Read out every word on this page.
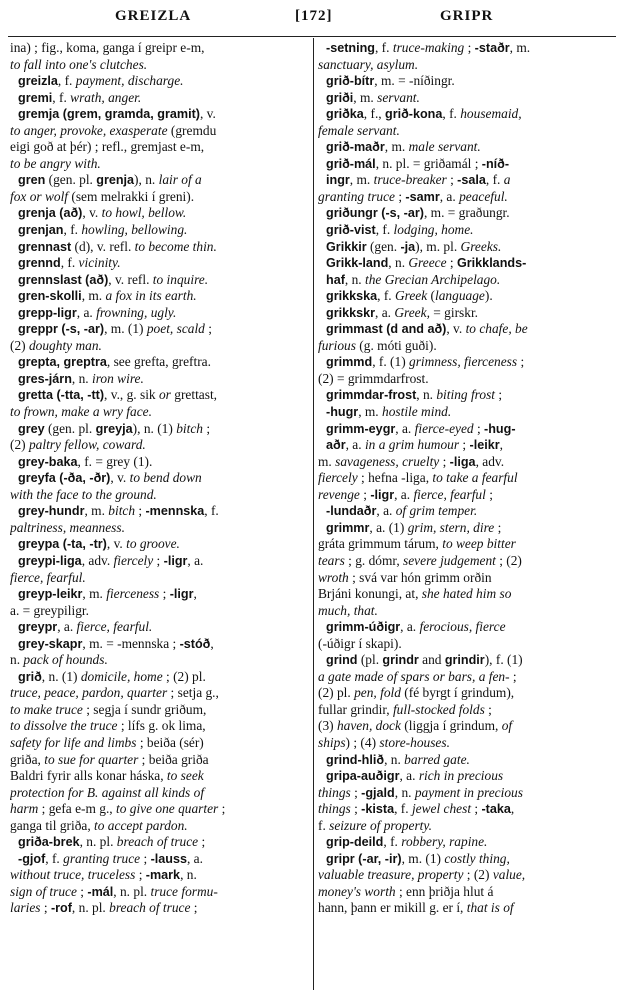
GREIZLA	[172]	GRIPR
ina) ; fig., koma, ganga í greipr e-m,
to fall into one's clutches.
greizla, f. payment, discharge.
gremi, f. wrath, anger.
gremja (grem, gramda, gramit), v.
to anger, provoke, exasperate (gremdu
eigi goð at þér) ; refl., gremjast e-m,
to be angry with.
gren (gen. pl. grenja), n. lair of a
fox or wolf (sem melrakki í greni).
grenja (að), v. to howl, bellow.
grenjan, f. howling, bellowing.
grennast (d), v. refl. to become thin.
grennd, f. vicinity.
grennslast (að), v. refl. to inquire.
gren-skolli, m. a fox in its earth.
grepp-ligr, a. frowning, ugly.
greppr (-s, -ar), m. (1) poet, scald ;
(2) doughty man.
grepta, greptra, see grefta, greftra.
gres-járn, n. iron wire.
gretta (-tta, -tt), v., g. sik or grettast,
to frown, make a wry face.
grey (gen. pl. greyja), n. (1) bitch ;
(2) paltry fellow, coward.
grey-baka, f. = grey (1).
greyfa (-ða, -ðr), v. to bend down
with the face to the ground.
grey-hundr, m. bitch ; -mennska, f.
paltriness, meanness.
greypa (-ta, -tr), v. to groove.
greypi-liga, adv. fiercely ; -ligr, a.
fierce, fearful.
greyp-leikr, m. fierceness ; -ligr,
a. = greypiligr.
greypr, a. fierce, fearful.
grey-skapr, m. = -mennska ; -stóð,
n. pack of hounds.
grið, n. (1) domicile, home ; (2) pl.
truce, peace, pardon, quarter ; setja g.,
to make truce ; segja í sundr griðum,
to dissolve the truce ; lífs g. ok lima,
safety for life and limbs ; beiða (sér)
griða, to sue for quarter ; beiða griða
Baldri fyrir alls konar háska, to seek
protection for B. against all kinds of
harm ; gefa e-m g., to give one quarter ;
ganga til griða, to accept pardon.
griða-brek, n. pl. breach of truce ;
-gjof, f. granting truce ; -lauss, a.
without truce, truceless ; -mark, n.
sign of truce ; -mál, n. pl. truce formu-
laries ; -rof, n. pl. breach of truce ;
-setning, f. truce-making ; -staðr, m.
sanctuary, asylum.
grið-bítr, m. = -níðingr.
griði, m. servant.
griðka, f., grið-kona, f. housemaid,
female servant.
grið-maðr, m. male servant.
grið-mál, n. pl. = griðamál ; -níð-
ingr, m. truce-breaker ; -sala, f. a
granting truce ; -samr, a. peaceful.
griðungr (-s, -ar), m. = graðungr.
grið-vist, f. lodging, home.
Grikkir (gen. -ja), m. pl. Greeks.
Grikk-land, n. Greece ; Grikklands-
haf, n. the Grecian Archipelago.
grikkska, f. Greek (language).
grikkskr, a. Greek, = girskr.
grimmast (d and að), v. to chafe, be
furious (g. móti guði).
grimmd, f. (1) grimness, fierceness ;
(2) = grimmdarfrost.
grimmdar-frost, n. biting frost ;
-hugr, m. hostile mind.
grimm-eygr, a. fierce-eyed ; -hug-
aðr, a. in a grim humour ; -leikr,
m. savageness, cruelty ; -liga, adv.
fiercely ; hefna -liga, to take a fearful
revenge ; -ligr, a. fierce, fearful ;
-lundaðr, a. of grim temper.
grimmr, a. (1) grim, stern, dire ;
gráta grimmum tárum, to weep bitter
tears ; g. dómr, severe judgement ; (2)
wroth ; svá var hón grimm orðin
Brjáni konungi, at, she hated him so
much, that.
grimm-úðigr, a. ferocious, fierce
(-úðigr í skapi).
grind (pl. grindr and grindir), f. (1)
a gate made of spars or bars, a fen- ;
(2) pl. pen, fold (fé byrgt í grindum),
fullar grindir, full-stocked folds ;
(3) haven, dock (liggja í grindum, of
ships) ; (4) store-houses.
grind-hlið, n. barred gate.
gripa-auðigr, a. rich in precious
things ; -gjald, n. payment in precious
things ; -kista, f. jewel chest ; -taka,
f. seizure of property.
grip-deild, f. robbery, rapine.
gripr (-ar, -ir), m. (1) costly thing,
valuable treasure, property ; (2) value,
money's worth ; enn þriðja hlut á
hann, þann er mikill g. er í, that is of
